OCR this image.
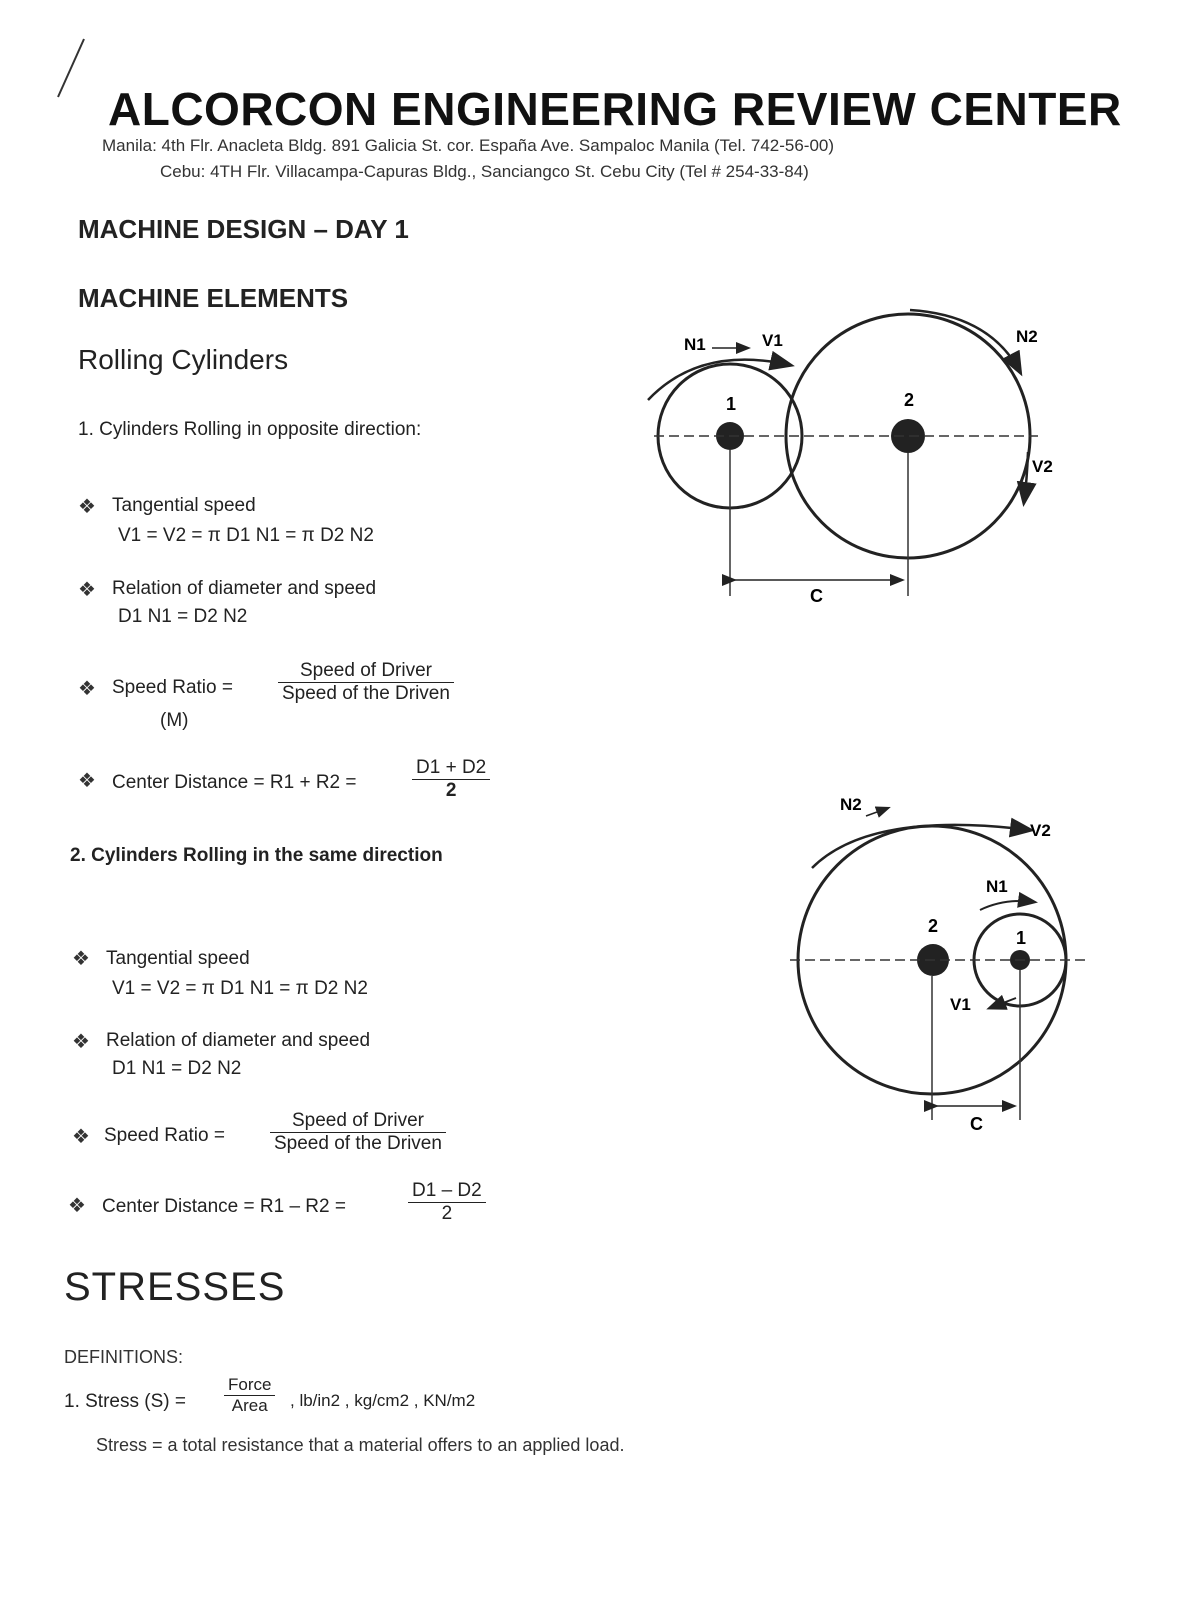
ALCORCON ENGINEERING REVIEW CENTER
Manila: 4th Flr. Anacleta Bldg. 891 Galicia St. cor. España Ave. Sampaloc Manila (Tel. 742-56-00)
Cebu: 4TH Flr. Villacampa-Capuras Bldg., Sanciangco St. Cebu City (Tel # 254-33-84)
MACHINE DESIGN – DAY 1
MACHINE ELEMENTS
Rolling Cylinders
1. Cylinders Rolling in opposite direction:
❖ Tangential speed
V1 = V2 = π D1 N1 = π D2 N2
❖ Relation of diameter and speed
D1 N1 = D2 N2
❖ Speed Ratio =
(M)
Speed of Driver
Speed of the Driven
❖ Center Distance = R1 + R2 =	$\frac{D1 + D2}{2}$
2. Cylinders Rolling in the same direction
❖ Tangential speed
V1 = V2 = π D1 N1 = π D2 N2
❖ Relation of diameter and speed
D1 N1 = D2 N2
❖ Speed Ratio =
Speed of Driver
Speed of the Driven
❖ Center Distance = R1 – R2 =	$\frac{D1 - D2}{2}$
STRESSES
DEFINITIONS:
1. Stress (S) =
Force
Area	, lb/in2 , kg/cm2 , KN/m2
Stress = a total resistance that a material offers to an applied load.
N1	V1	N2
V2
1	2
C
N2
V2
N1
V1
2
1
C
